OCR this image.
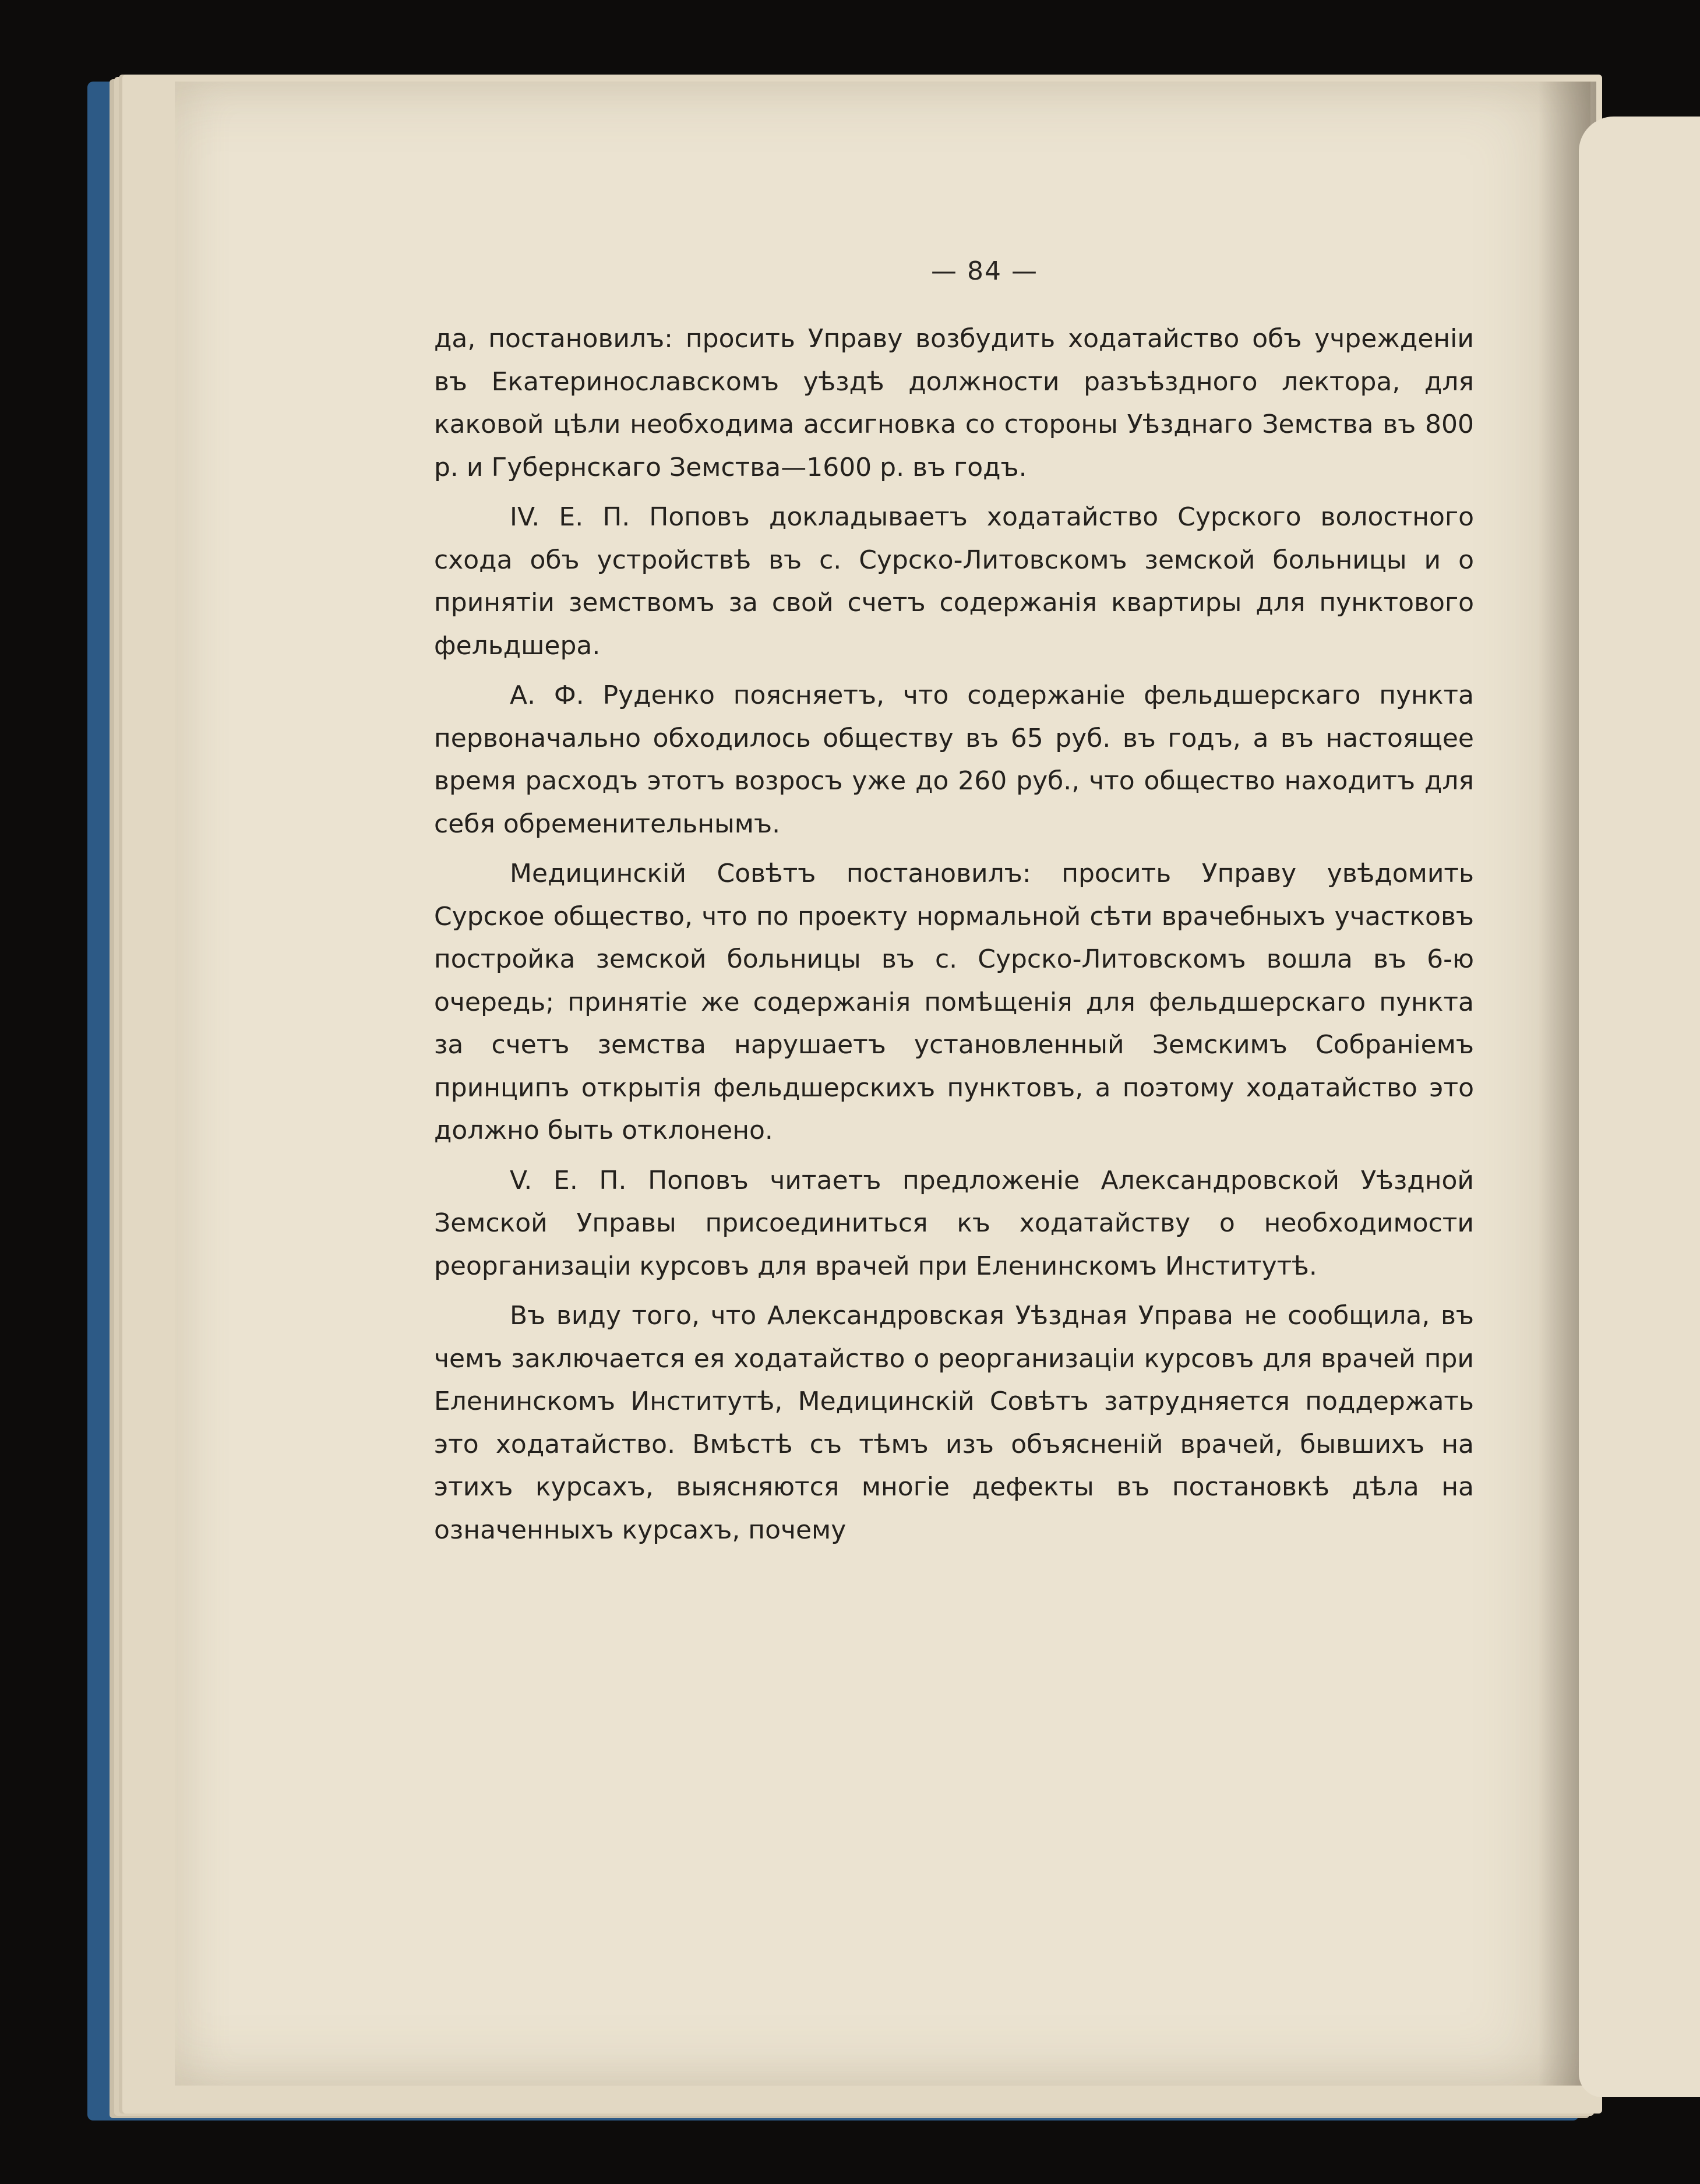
— 84 —

да, постановилъ: просить Управу возбудить ходатайство объ учрежденіи въ Екатеринославскомъ уѣздѣ должности разъѣздного лектора, для каковой цѣли необходима ассигновка со стороны Уѣзднаго Земства въ 800 р. и Губернскаго Земства—1600 р. въ годъ.

IV. Е. П. Поповъ докладываетъ ходатайство Сурского волостного схода объ устройствѣ въ с. Сурско-Литовскомъ земской больницы и о принятіи земствомъ за свой счетъ содержанія квартиры для пунктового фельдшера.

А. Ф. Руденко поясняетъ, что содержаніе фельдшерскаго пункта первоначально обходилось обществу въ 65 руб. въ годъ, а въ настоящее время расходъ этотъ возросъ уже до 260 руб., что общество находитъ для себя обременительнымъ.

Медицинскій Совѣтъ постановилъ: просить Управу увѣдомить Сурское общество, что по проекту нормальной сѣти врачебныхъ участковъ постройка земской больницы въ с. Сурско-Литовскомъ вошла въ 6-ю очередь; принятіе же содержанія помѣщенія для фельдшерскаго пункта за счетъ земства нарушаетъ установленный Земскимъ Собраніемъ принципъ открытія фельдшерскихъ пунктовъ, а поэтому ходатайство это должно быть отклонено.

V. Е. П. Поповъ читаетъ предложеніе Александровской Уѣздной Земской Управы присоединиться къ ходатайству о необходимости реорганизаціи курсовъ для врачей при Еленинскомъ Институтѣ.

Въ виду того, что Александровская Уѣздная Управа не сообщила, въ чемъ заключается ея ходатайство о реорганизаціи курсовъ для врачей при Еленинскомъ Институтѣ, Медицинскій Совѣтъ затрудняется поддержать это ходатайство. Вмѣстѣ съ тѣмъ изъ объясненій врачей, бывшихъ на этихъ курсахъ, выясняются многіе дефекты въ постановкѣ дѣла на означенныхъ курсахъ, почему
